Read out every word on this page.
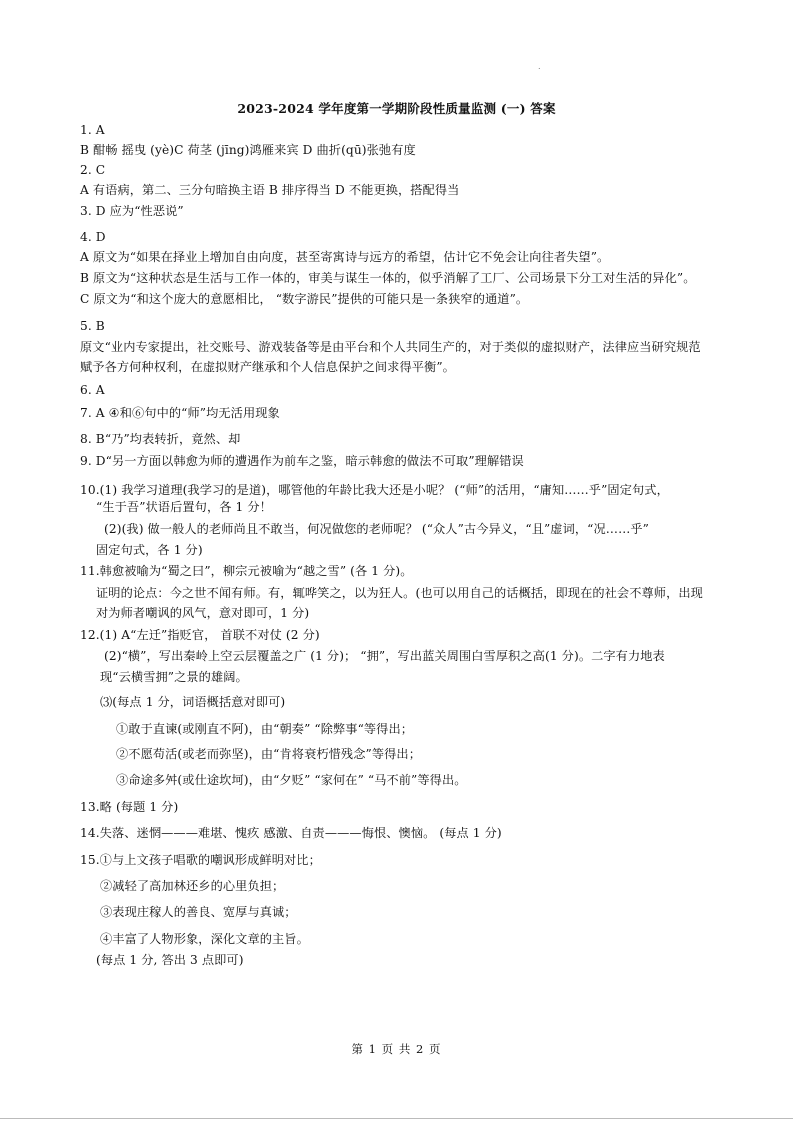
.
2023-2024 学年度第一学期阶段性质量监测 (一) 答案
1. A
B 酣畅 摇曳 (yè)C 荷茎 (jīng)鸿雁来宾 D 曲折(qū)张弛有度
2. C
A 有语病，第二、三分句暗换主语 B 排序得当 D 不能更换，搭配得当
3. D 应为“性恶说”
4. D
A 原文为“如果在择业上增加自由向度，甚至寄寓诗与远方的希望，估计它不免会让向往者失望”。
B 原文为“这种状态是生活与工作一体的，审美与谋生一体的，似乎消解了工厂、公司场景下分工对生活的异化”。
C 原文为“和这个庞大的意愿相比， “数字游民”提供的可能只是一条狭窄的通道”。
5. B
原文“业内专家提出，社交账号、游戏装备等是由平台和个人共同生产的，对于类似的虚拟财产，法律应当研究规范
赋予各方何种权利，在虚拟财产继承和个人信息保护之间求得平衡”。
6. A
7. A ④和⑥句中的“师”均无活用现象
8. B“乃”均表转折，竟然、却
9. D“另一方面以韩愈为师的遭遇作为前车之鉴，暗示韩愈的做法不可取”理解错误
10.(1) 我学习道理(我学习的是道)，哪管他的年龄比我大还是小呢？ (“师”的活用，“庸知……乎”固定句式，
“生于吾”状语后置句，各 1 分！
(2)(我) 做一般人的老师尚且不敢当，何况做您的老师呢？ (“众人”古今异义，“且”虚词，“况……乎”
固定句式，各 1 分)
11.韩愈被喻为“蜀之曰”，柳宗元被喻为“越之雪” (各 1 分)。
证明的论点：今之世不闻有师。有，辄哗笑之，以为狂人。(也可以用自己的话概括，即现在的社会不尊师，出现
对为师者嘲讽的风气，意对即可，1 分)
12.(1) A“左迁”指贬官， 首联不对仗 (2 分)
(2)“横”，写出秦岭上空云层覆盖之广 (1 分)； “拥”，写出蓝关周围白雪厚积之高(1 分)。二字有力地表
现“云横雪拥”之景的雄阔。
⑶(每点 1 分，词语概括意对即可)
①敢于直谏(或刚直不阿)，由“朝奏” “除弊事“等得出；
②不愿苟活(或老而弥坚)，由“肯将衰朽惜残念”等得出；
③命途多舛(或仕途坎坷)，由“夕贬” “家何在” “马不前”等得出。
13.略 (每题 1 分)
14.失落、迷惘———难堪、愧疚 感激、自责———悔恨、懊恼。 (每点 1 分)
15.①与上文孩子唱歌的嘲讽形成鲜明对比；
②减轻了高加林还乡的心里负担；
③表现庄稼人的善良、宽厚与真诚；
④丰富了人物形象，深化文章的主旨。
(每点 1 分, 答出 3 点即可)
第 1 页 共 2 页
